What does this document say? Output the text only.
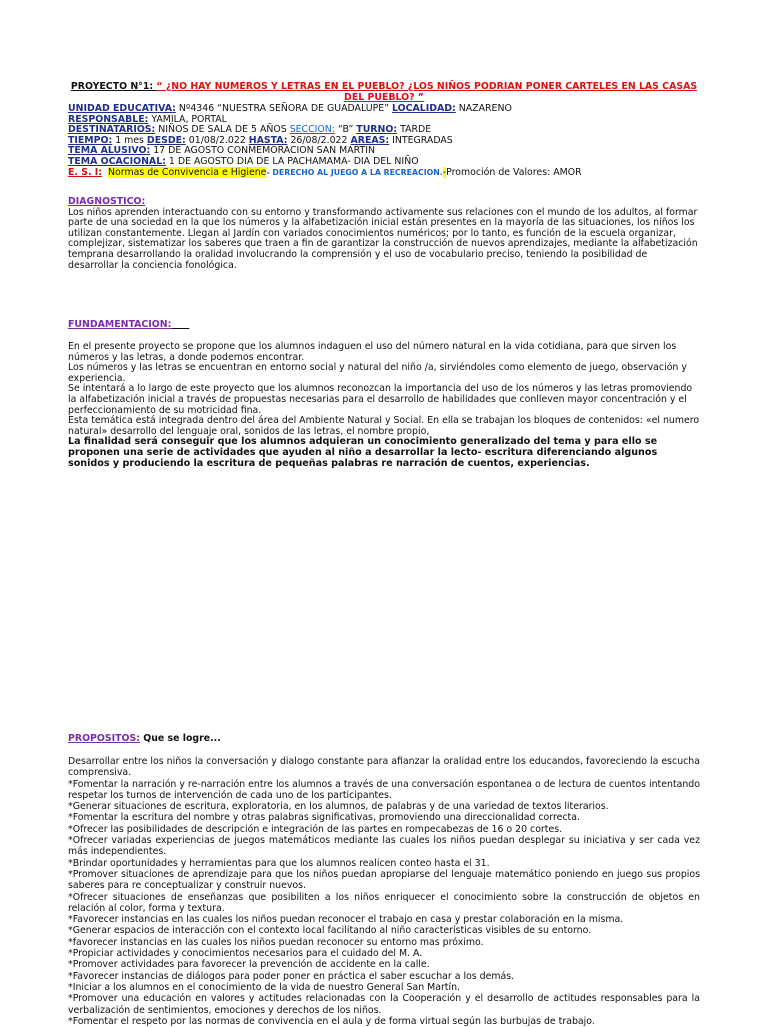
PROYECTO N°1: “ ¿NO HAY NUMEROS Y LETRAS EN EL PUEBLO? ¿LOS NIÑOS PODRIAN PONER CARTELES EN LAS CASAS DEL PUEBLO? ”

UNIDAD EDUCATIVA: Nº4346 “NUESTRA SEÑORA DE GUADALUPE” LOCALIDAD: NAZARENO

RESPONSABLE: YAMILA, PORTAL

DESTINATARIOS: NIÑOS DE SALA DE 5 AÑOS SECCION: “B” TURNO: TARDE

TIEMPO: 1 mes DESDE: 01/08/2.022 HASTA: 26/08/2.022 AREAS: INTEGRADAS

TEMA ALUSIVO: 17 DE AGOSTO CONMEMORACION SAN MARTIN

TEMA OCACIONAL: 1 DE AGOSTO DIA DE LA PACHAMAMA- DIA DEL NIÑO

E. S. I: Normas de Convivencia e Higiene- DERECHO AL JUEGO A LA RECREACION.-Promoción de Valores: AMOR

DIAGNOSTICO:

Los niños aprenden interactuando con su entorno y transformando activamente sus relaciones con el mundo de los adultos, al formar parte de una sociedad en la que los números y la alfabetización inicial están presentes en la mayoría de las situaciones, los niños los utilizan constantemente. Llegan al Jardín con variados conocimientos numéricos; por lo tanto, es función de la escuela organizar, complejizar, sistematizar los saberes que traen a fin de garantizar la construcción de nuevos aprendizajes, mediante la alfabetización temprana desarrollando la oralidad involucrando la comprensión y el uso de vocabulario preciso, teniendo la posibilidad de desarrollar la conciencia fonológica.

FUNDAMENTACION:

En el presente proyecto se propone que los alumnos indaguen el uso del número natural en la vida cotidiana, para que sirven los números y las letras, a donde podemos encontrar.

Los números y las letras se encuentran en entorno social y natural del niño /a, sirviéndoles como elemento de juego, observación y experiencia.

Se intentará a lo largo de este proyecto que los alumnos reconozcan la importancia del uso de los números y las letras promoviendo la alfabetización inicial a través de propuestas necesarias para el desarrollo de habilidades que conlleven mayor concentración y el perfeccionamiento de su motricidad fina.

Esta temática está integrada dentro del área del Ambiente Natural y Social. En ella se trabajan los bloques de contenidos: «el numero natural» desarrollo del lenguaje oral, sonidos de las letras, el nombre propio,

La finalidad será conseguir que los alumnos adquieran un conocimiento generalizado del tema y para ello se proponen una serie de actividades que ayuden al niño a desarrollar la lecto- escritura diferenciando algunos sonidos y produciendo la escritura de pequeñas palabras re narración de cuentos, experiencias.

PROPOSITOS: Que se logre...

Desarrollar entre los niños la conversación y dialogo constante para afianzar la oralidad entre los educandos, favoreciendo la escucha comprensiva.

*Fomentar la narración y re-narración entre los alumnos a través de una conversación espontanea o de lectura de cuentos intentando respetar los turnos de intervención de cada uno de los participantes.

*Generar situaciones de escritura, exploratoria, en los alumnos, de palabras y de una variedad de textos literarios.

*Fomentar la escritura del nombre y otras palabras significativas, promoviendo una direccionalidad correcta.

*Ofrecer las posibilidades de descripción e integración de las partes en rompecabezas de 16 o 20 cortes.

*Ofrecer variadas experiencias de juegos matemáticos mediante las cuales los niños puedan desplegar su iniciativa y ser cada vez más independientes.

*Brindar oportunidades y herramientas para que los alumnos realicen conteo hasta el 31.

*Promover situaciones de aprendizaje para que los niños puedan apropiarse del lenguaje matemático poniendo en juego sus propios saberes para re conceptualizar y construir nuevos.

*Ofrecer situaciones de enseñanzas que posibiliten a los niños enriquecer el conocimiento sobre la construcción de objetos en relación al color, forma y textura.

*Favorecer instancias en las cuales los niños puedan reconocer el trabajo en casa y prestar colaboración en la misma.

*Generar espacios de interacción con el contexto local facilitando al niño características visibles de su entorno.

*favorecer instancias en las cuales los niños puedan reconocer su entorno mas próximo.

*Propiciar actividades y conocimientos necesarios para el cuidado del M. A.

*Promover actividades para favorecer la prevención de accidente en la calle.

*Favorecer instancias de diálogos para poder poner en práctica el saber escuchar a los demás.

*Iniciar a los alumnos en el conocimiento de la vida de nuestro General San Martín.

*Promover una educación en valores y actitudes relacionadas con la Cooperación y el desarrollo de actitudes responsables para la verbalización de sentimientos, emociones y derechos de los niños.

*Fomentar el respeto por las normas de convivencia en el aula y de forma virtual según las burbujas de trabajo.
